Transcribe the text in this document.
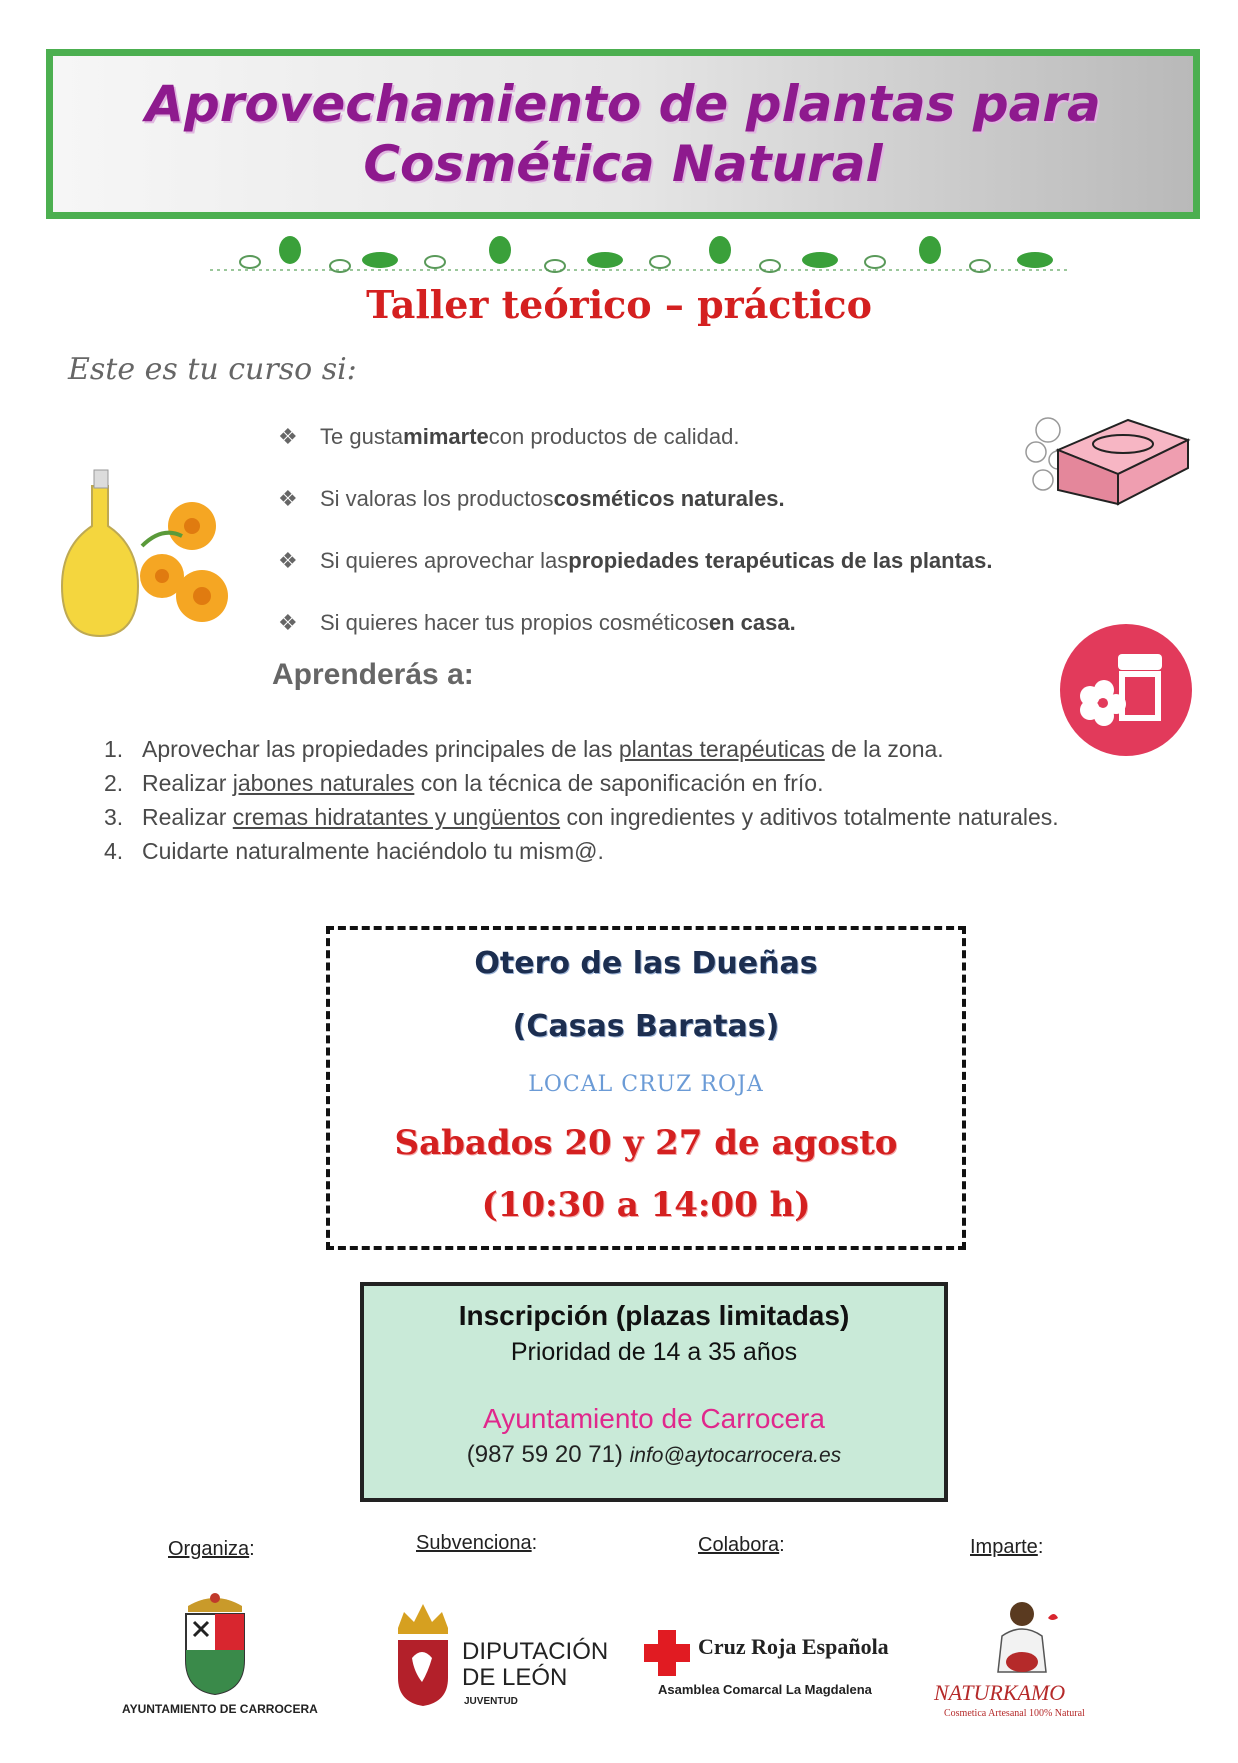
Aprovechamiento de plantas para
Cosmética Natural
Taller teórico – práctico
Este es tu curso si:
❖	Te gusta mimarte con productos de calidad.
❖	Si valoras los productos cosméticos naturales.
❖	Si quieres aprovechar las propiedades terapéuticas de las plantas.
❖	Si quieres hacer tus propios cosméticos en casa.
Aprenderás a:
1. Aprovechar las propiedades principales de las plantas terapéuticas de la zona.
2. Realizar jabones naturales con la técnica de saponificación en frío.
3. Realizar cremas hidratantes y ungüentos con ingredientes y aditivos totalmente naturales.
4. Cuidarte naturalmente haciéndolo tu mism@.
Otero de las Dueñas
(Casas Baratas)
LOCAL CRUZ ROJA
Sabados 20 y 27 de agosto
(10:30 a 14:00 h)
Inscripción (plazas limitadas)
Prioridad de 14 a 35 años
Ayuntamiento de Carrocera
(987 59 20 71) info@aytocarrocera.es
Organiza:	Subvenciona:	Colabora:	Imparte:
AYUNTAMIENTO DE CARROCERA
DIPUTACIÓN
DE LEÓN
JUVENTUD
Cruz Roja Española
Asamblea Comarcal La Magdalena	NATURKAMO
Cosmetica Artesanal 100% Natural
